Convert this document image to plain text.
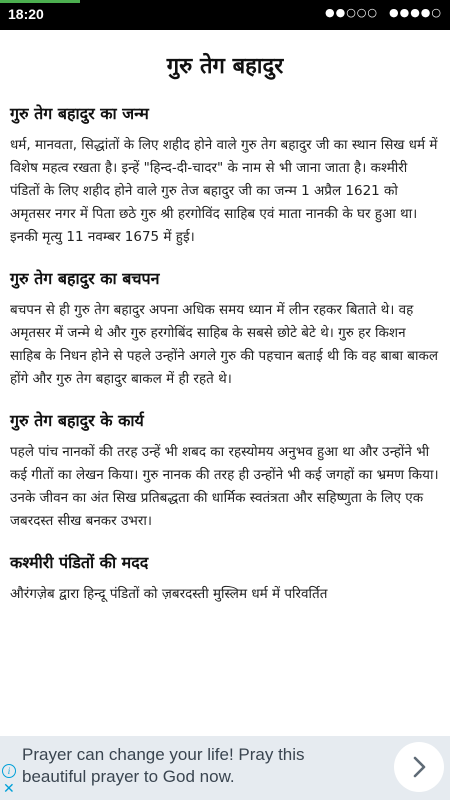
18:20	●●○○○ ●●●●○
गुरु तेग बहादुर
गुरु तेग बहादुर का जन्म

धर्म, मानवता, सिद्धांतों के लिए शहीद होने वाले गुरु तेग बहादुर जी का स्थान सिख धर्म में विशेष महत्व रखता है। इन्हें "हिन्द-दी-चादर" के नाम से भी जाना जाता है। कश्मीरी पंडितों के लिए शहीद होने वाले गुरु तेज बहादुर जी का जन्म 1 अप्रैल 1621 को अमृतसर नगर में पिता छठे गुरु श्री हरगोविंद साहिब एवं माता नानकी के घर हुआ था। इनकी मृत्यु 11 नवम्बर 1675 में हुई।

गुरु तेग बहादुर का बचपन

बचपन से ही गुरु तेग बहादुर अपना अधिक समय ध्यान में लीन रहकर बिताते थे। वह अमृतसर में जन्मे थे और गुरु हरगोबिंद साहिब के सबसे छोटे बेटे थे। गुरु हर किशन साहिब के निधन होने से पहले उन्होंने अगले गुरु की पहचान बताई थी कि वह बाबा बाकल होंगे और गुरु तेग बहादुर बाकल में ही रहते थे।

गुरु तेग बहादुर के कार्य

पहले पांच नानकों की तरह उन्हें भी शबद का रहस्योमय अनुभव हुआ था और उन्होंने भी कई गीतों का लेखन किया। गुरु नानक की तरह ही उन्होंने भी कई जगहों का भ्रमण किया। उनके जीवन का अंत सिख प्रतिबद्धता की धार्मिक स्वतंत्रता और सहिष्णुता के लिए एक जबरदस्त सीख बनकर उभरा।

कश्मीरी पंडितों की मदद

औरंगज़ेब द्वारा हिन्दू पंडितों को ज़बरदस्ती मुस्लिम धर्म में परिवर्तित

i
✕
Prayer can change your life! Pray this beautiful prayer to God now.
